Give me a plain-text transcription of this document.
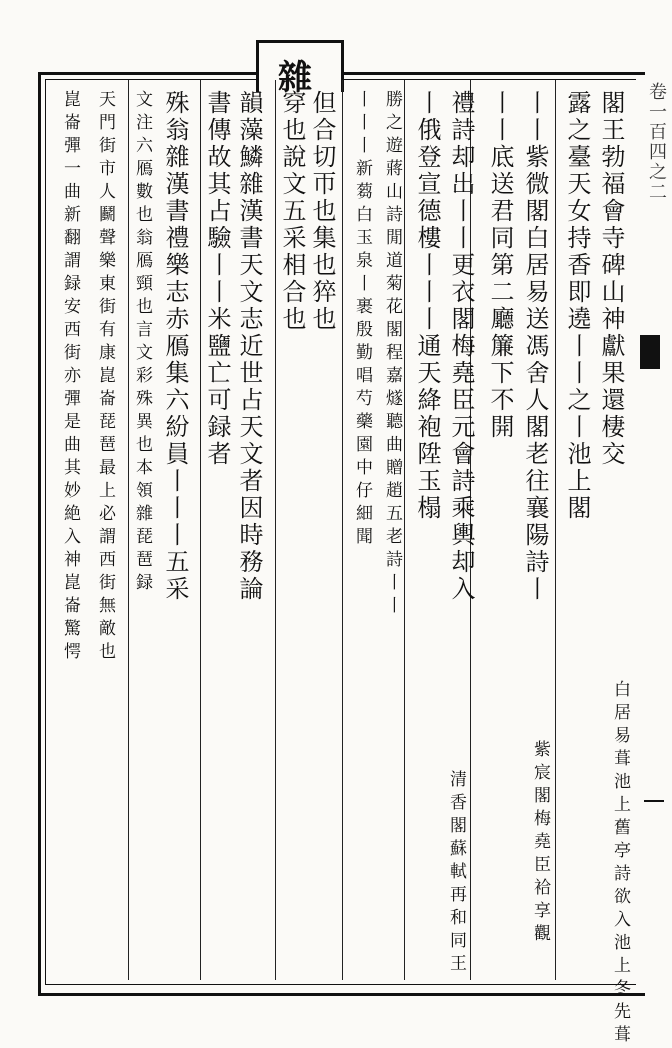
雜
卷一百四之二
閣王勃福會寺碑山神獻果還棲交
露之臺天女持香即遶丨丨之丨池上閣
丨丨紫微閣白居易送馮舍人閣老往襄陽詩丨
丨丨底送君同第二廳簾下不開
禮詩却出丨丨更衣閣梅堯臣元會詩乘輿却入
丨俄登宣德樓丨丨丨通天絳袍陞玉榻
勝之遊蔣山詩閒道菊花閣程嘉燧聽曲贈趙五老詩丨丨
丨丨丨新蒭白玉泉丨裹殷勤唱芍藥園中仔細聞
但合切帀也集也猝也
穿也說文五采相合也
韻藻鱗雜漢書天文志近世占天文者因時務論
書傳故其占驗丨丨米鹽亡可録者
殊翁雜漢書禮樂志赤鴈集六紛員丨丨丨五采
文注六鴈數也翁鴈頸也言文彩殊異也本領雜琵琶録
天門街市人鬬聲樂東街有康崑崙琵琶最上必謂西街無敵也
崑崙彈一曲新翻謂録安西街亦彈是曲其妙絶入神崑崙驚愕
白居易葺池上舊亭詩欲入池上冬先葺
紫宸閣梅堯臣袷享觀
清香閣蘇軾再和同王
